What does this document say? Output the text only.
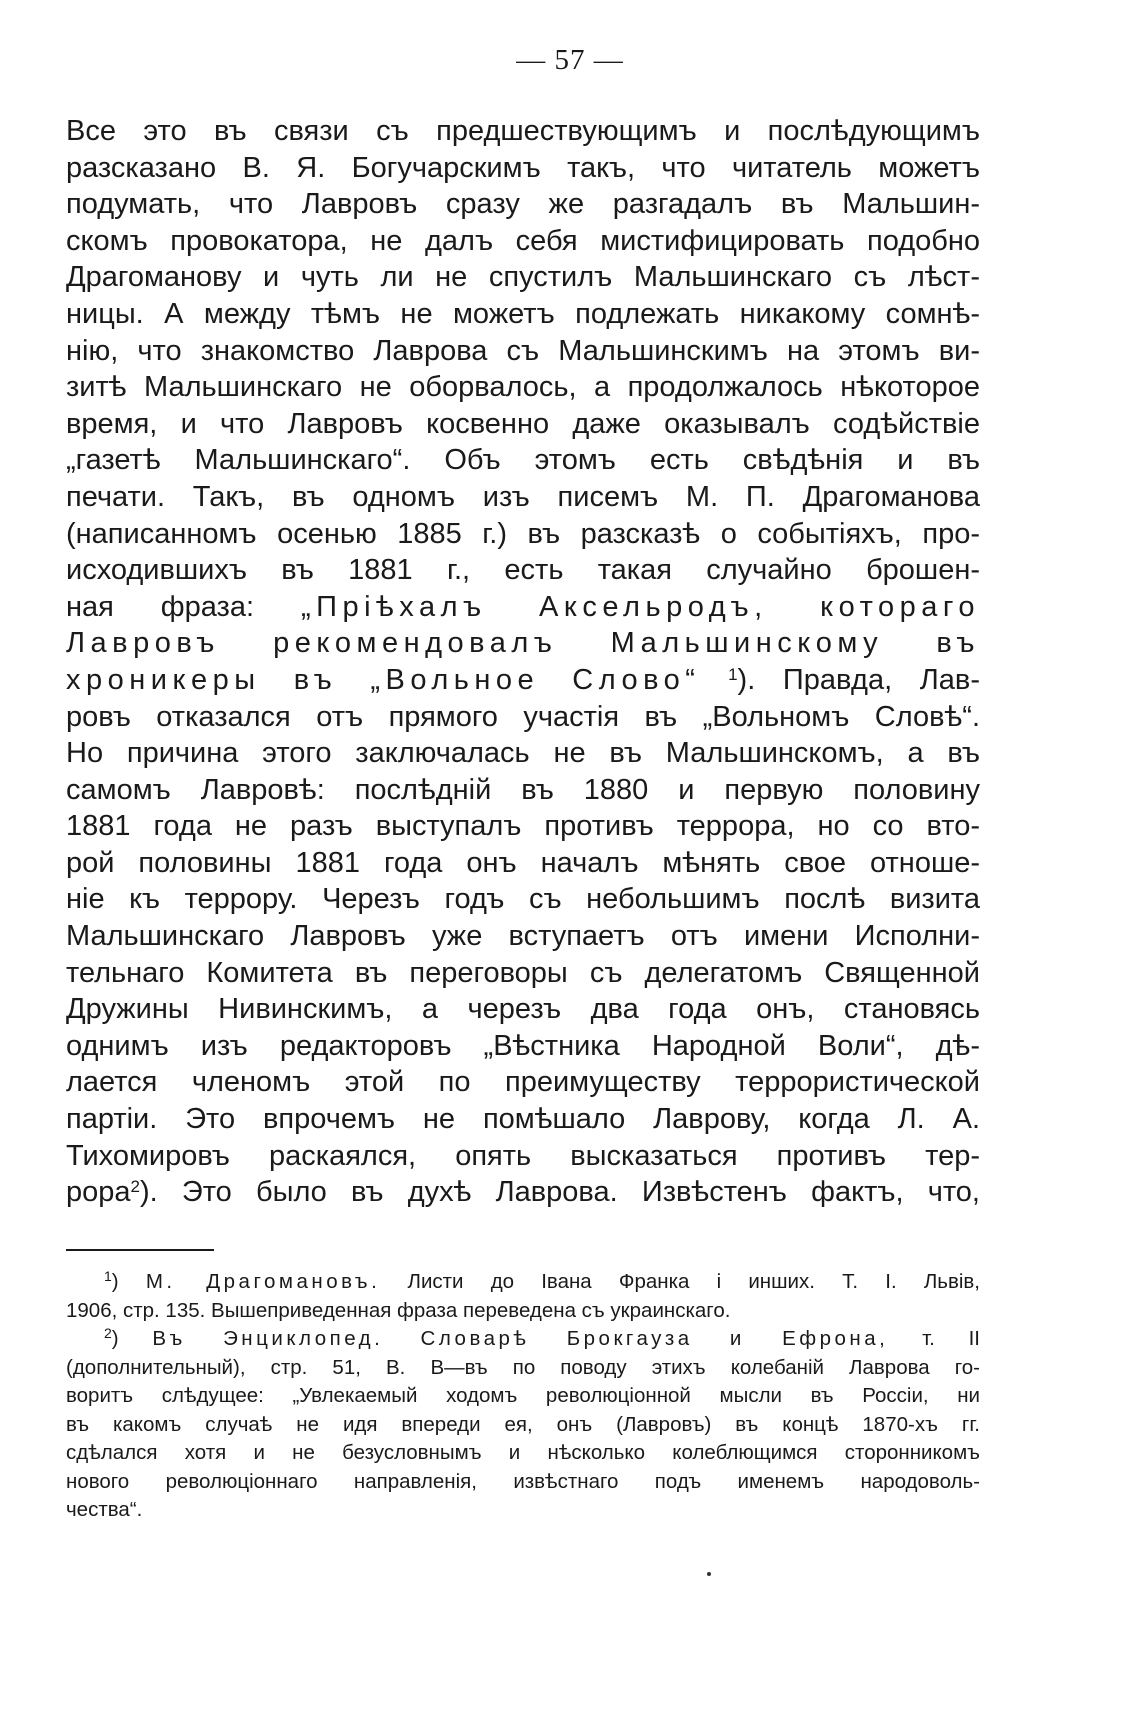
— 57 —
Все это въ связи съ предшествующимъ и послѣдующимъ
разсказано В. Я. Богучарскимъ такъ, что читатель можетъ
подумать, что Лавровъ сразу же разгадалъ въ Мальшин-
скомъ провокатора, не далъ себя мистифицировать подобно
Драгоманову и чуть ли не спустилъ Мальшинскаго съ лѣст-
ницы. А между тѣмъ не можетъ подлежать никакому сомнѣ-
нію, что знакомство Лаврова съ Мальшинскимъ на этомъ ви-
зитѣ Мальшинскаго не оборвалось, а продолжалось нѣкоторое
время, и что Лавровъ косвенно даже оказывалъ содѣйствіе
„газетѣ Мальшинскаго“. Объ этомъ есть свѣдѣнія и въ
печати. Такъ, въ одномъ изъ писемъ М. П. Драгоманова
(написанномъ осенью 1885 г.) въ разсказѣ о событіяхъ, про-
исходившихъ въ 1881 г., есть такая случайно брошен-
ная фраза: „Пріѣхалъ Аксельродъ, котораго
Лавровъ рекомендовалъ Мальшинскому въ
хроникеры въ „Вольное Слово“ $^1$). Правда, Лав-
ровъ отказался отъ прямого участія въ „Вольномъ Словѣ“.
Но причина этого заключалась не въ Мальшинскомъ, а въ
самомъ Лавровѣ: послѣдній въ 1880 и первую половину
1881 года не разъ выступалъ противъ террора, но со вто-
рой половины 1881 года онъ началъ мѣнять свое отноше-
ніе къ террору. Черезъ годъ съ небольшимъ послѣ визита
Мальшинскаго Лавровъ уже вступаетъ отъ имени Исполни-
тельнаго Комитета въ переговоры съ делегатомъ Священной
Дружины Нивинскимъ, а черезъ два года онъ, становясь
однимъ изъ редакторовъ „Вѣстника Народной Воли“, дѣ-
лается членомъ этой по преимуществу террористической
партіи. Это впрочемъ не помѣшало Лаврову, когда Л. А.
Тихомировъ раскаялся, опять высказаться противъ тер-
рора$^2$). Это было въ духѣ Лаврова. Извѣстенъ фактъ, что,
$^1$) М. Драгомановъ. Листи до Івана Франка і инших. Т. І. Львів,
1906, стр. 135. Вышеприведенная фраза переведена съ украинскаго.
$^2$) Въ Энциклопед. Словарѣ Брокгауза и Ефрона, т. II
(дополнительный), стр. 51, В. В—въ по поводу этихъ колебаній Лаврова го-
воритъ слѣдущее: „Увлекаемый ходомъ революціонной мысли въ Россіи, ни
въ какомъ случаѣ не идя впереди ея, онъ (Лавровъ) въ концѣ 1870-хъ гг.
сдѣлался хотя и не безусловнымъ и нѣсколько колеблющимся сторонникомъ
нового революціоннаго направленія, извѣстнаго подъ именемъ народоволь-
чества“.
